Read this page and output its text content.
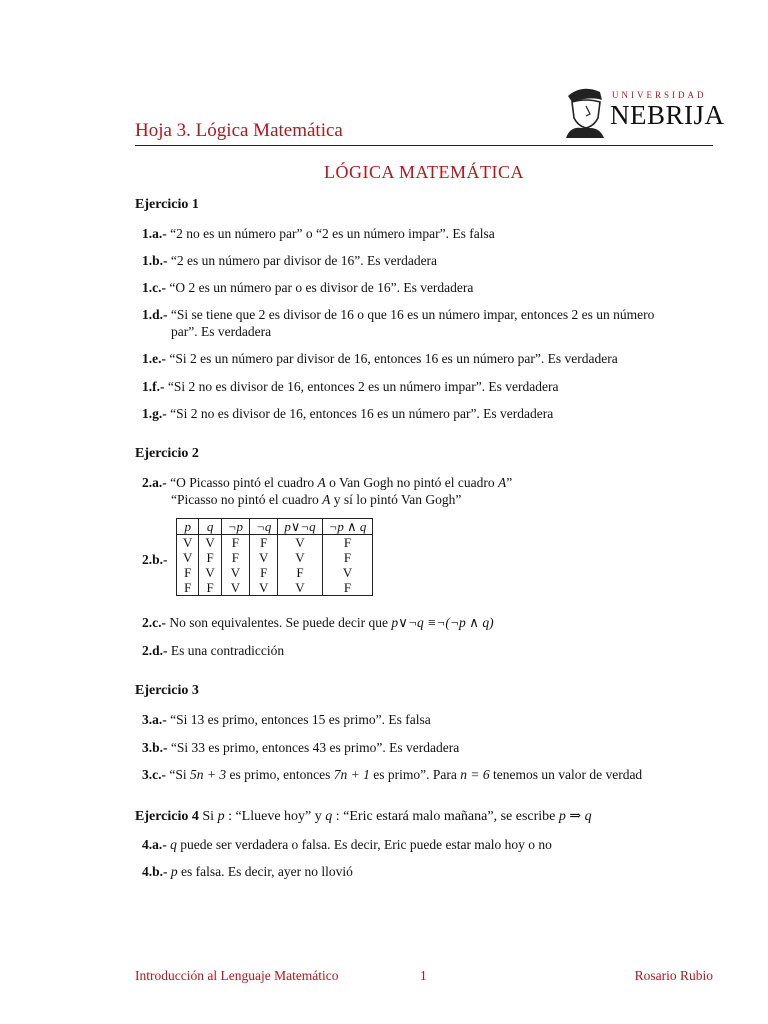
Hoja 3. Lógica Matemática
UNIVERSIDAD
NEBRIJA
LÓGICA MATEMÁTICA
Ejercicio 1
1.a.- “2 no es un número par” o “2 es un número impar”. Es falsa
1.b.- “2 es un número par divisor de 16”. Es verdadera
1.c.- “O 2 es un número par o es divisor de 16”. Es verdadera
1.d.- “Si se tiene que 2 es divisor de 16 o que 16 es un número impar, entonces 2 es un número
par”. Es verdadera
1.e.- “Si 2 es un número par divisor de 16, entonces 16 es un número par”. Es verdadera
1.f.- “Si 2 no es divisor de 16, entonces 2 es un número impar”. Es verdadera
1.g.- “Si 2 no es divisor de 16, entonces 16 es un número par”. Es verdadera
Ejercicio 2
2.a.- “O Picasso pintó el cuadro A o Van Gogh no pintó el cuadro A”
“Picasso no pintó el cuadro A y sí lo pintó Van Gogh”
2.b.-
p	q	¬p	¬q	p∨¬q	¬p ∧ q
V	V	F	F	V	F
V	F	F	V	V	F
F	V	V	F	F	V
F	F	V	V	V	F
2.c.- No son equivalentes. Se puede decir que p∨¬q ≡¬(¬p ∧ q)
2.d.- Es una contradicción
Ejercicio 3
3.a.- “Si 13 es primo, entonces 15 es primo”. Es falsa
3.b.- “Si 33 es primo, entonces 43 es primo”. Es verdadera
3.c.- “Si 5n + 3 es primo, entonces 7n + 1 es primo”. Para n = 6 tenemos un valor de verdad
Ejercicio 4 Si p : “Llueve hoy” y q : “Eric estará malo mañana”, se escribe p ⇒ q
4.a.- q puede ser verdadera o falsa. Es decir, Eric puede estar malo hoy o no
4.b.- p es falsa. Es decir, ayer no llovió
Introducción al Lenguaje Matemático	1	Rosario Rubio
